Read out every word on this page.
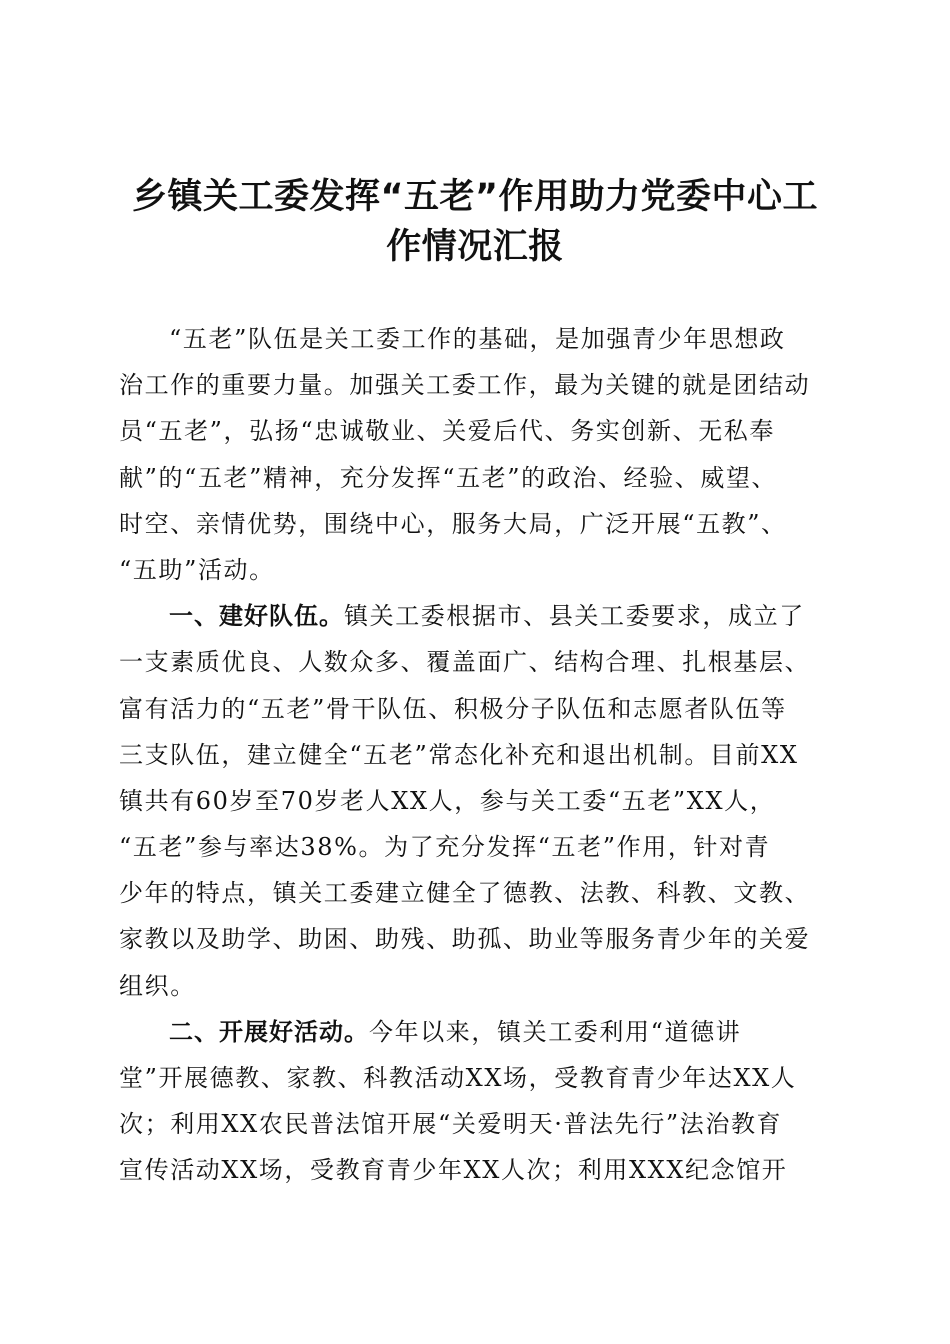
乡镇关工委发挥“五老”作用助力党委中心工
作情况汇报
“五老”队伍是关工委工作的基础，是加强青少年思想政
治工作的重要力量。加强关工委工作，最为关键的就是团结动
员“五老”，弘扬“忠诚敬业、关爱后代、务实创新、无私奉
献”的“五老”精神，充分发挥“五老”的政治、经验、威望、
时空、亲情优势，围绕中心，服务大局，广泛开展“五教”、
“五助”活动。
一、建好队伍。镇关工委根据市、县关工委要求，成立了
一支素质优良、人数众多、覆盖面广、结构合理、扎根基层、
富有活力的“五老”骨干队伍、积极分子队伍和志愿者队伍等
三支队伍，建立健全“五老”常态化补充和退出机制。目前XX
镇共有60岁至70岁老人XX人，参与关工委“五老”XX人，
“五老”参与率达38%。为了充分发挥“五老”作用，针对青
少年的特点，镇关工委建立健全了德教、法教、科教、文教、
家教以及助学、助困、助残、助孤、助业等服务青少年的关爱
组织。
二、开展好活动。今年以来，镇关工委利用“道德讲
堂”开展德教、家教、科教活动XX场，受教育青少年达XX人
次；利用XX农民普法馆开展“关爱明天·普法先行”法治教育
宣传活动XX场，受教育青少年XX人次；利用XXX纪念馆开
